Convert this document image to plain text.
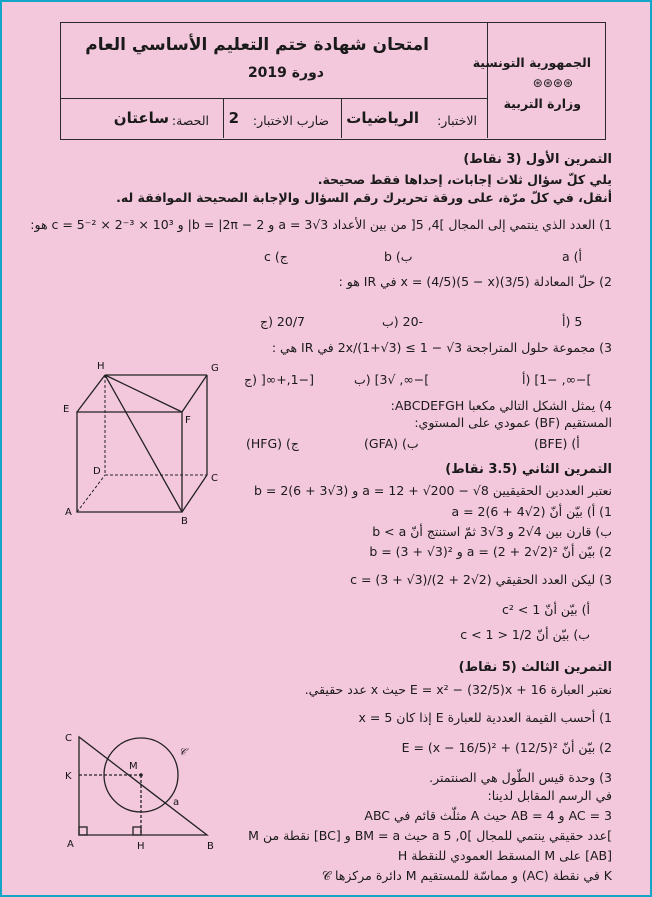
الجمهورية التونسية
⊛⊛⊛⊛
وزارة التربية
امتحان شهادة ختم التعليم الأساسي العام
دورة 2019
الاختبار:
الرياضيات
ضارب الاختبار:
2
الحصة:
ساعتان
التمرين الأول (3 نقاط)
يلي كلّ سؤال ثلاث إجابات، إحداها فقط صحيحة.
أنقل، في كلّ مرّة، على ورقة تحريرك رقم السؤال والإجابة الصحيحة الموافقة له.
1) العدد الذي ينتمي إلى المجال ]4, 5[ من بين الأعداد a = 3√3 و b = |2π − 2| و c = 5⁻² × 2⁻³ × 10³ هو:
c (ج	b (ب	a (أ
2) حلّ المعادلة (3/5)x = (4/5)(5 − x) في IR هو :
20/7 (ج	-20 (ب	5 (أ
3) مجموعة حلول المتراجحة 2x/(1+√3) ≤ 1 − √3 في IR هي :
[−1,+∞[ (ج	]−∞, √3] (ب	]−∞, −1] (أ
4) يمثل الشكل التالي مكعبا ABCDEFGH:
المستقيم (BF) عمودي على المستوي:
(HFG) (ج	(GFA) (ب	(BFE) (أ
H	G
E
F
D
C
A
B
التمرين الثاني (3.5 نقاط)
نعتبر العددين الحقيقيين a = 12 + √200 − √8 و b = 2(6 + 3√3)
1) أ) بيّن أنّ a = 2(6 + 4√2)
ب) قارن بين 4√2 و 3√3 ثمّ استنتج أنّ b < a
2) بيّن أنّ a = (2 + 2√2)² و b = (3 + √3)²
3) ليكن العدد الحقيقي c = (3 + √3)/(2 + 2√2)
أ) بيّن أنّ c² < 1
ب) بيّن أنّ 1/2 < c < 1
التمرين الثالث (5 نقاط)
نعتبر العبارة E = x² − (32/5)x + 16 حيث x عدد حقيقي.
1) أحسب القيمة العددية للعبارة E إذا كان x = 5
2) بيّن أنّ E = (x − 16/5)² + (12/5)²
3) وحدة قيس الطّول هي الصنتمتر.
في الرسم المقابل لدينا:
ABC مثلّث قائم في A حيث AB = 4 و AC = 3
M نقطة من [BC] و BM = a حيث a عدد حقيقي ينتمي للمجال ]0, 5[
H المسقط العمودي للنقطة M على [AB]
𝒞 دائرة مركزها M و مماسّة للمستقيم (AC) في نقطة K
C
K
M
A	H	B
a
𝒞
